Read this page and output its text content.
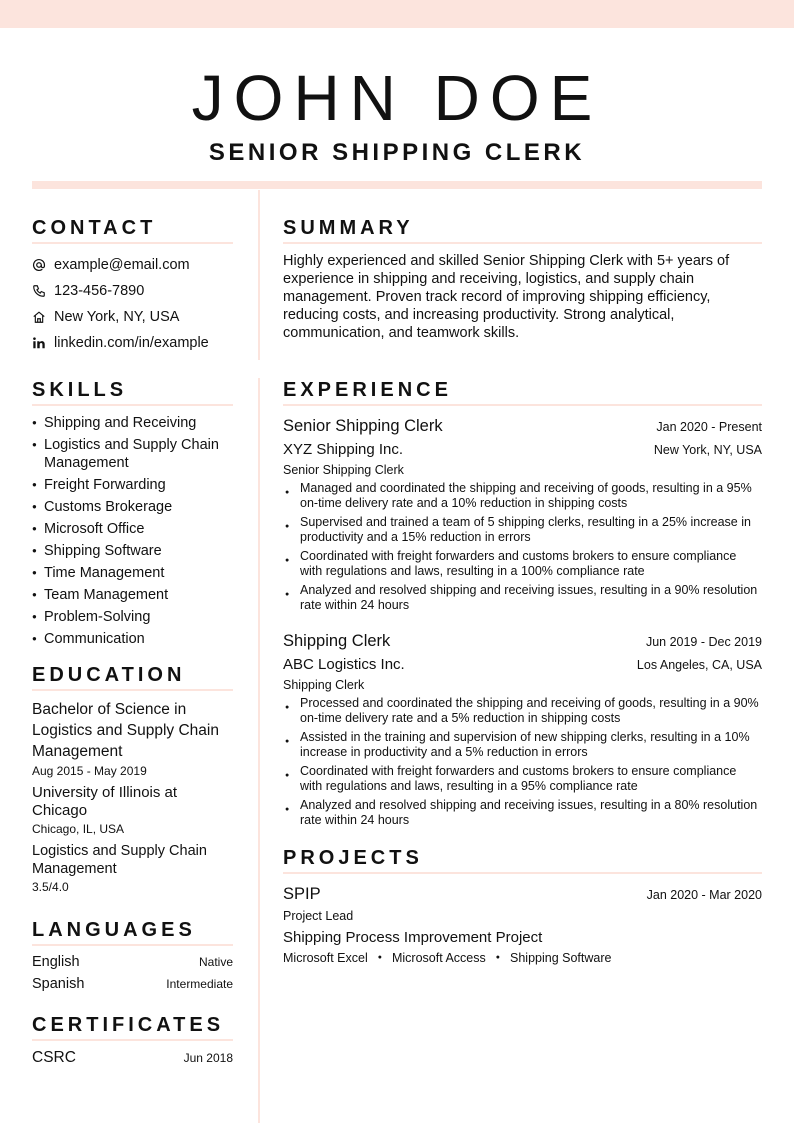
JOHN DOE
SENIOR SHIPPING CLERK
CONTACT
example@email.com
123-456-7890
New York, NY, USA
linkedin.com/in/example
SKILLS
● Shipping and Receiving
● Logistics and Supply Chain Management
● Freight Forwarding
● Customs Brokerage
● Microsoft Office
● Shipping Software
● Time Management
● Team Management
● Problem-Solving
● Communication
EDUCATION
Bachelor of Science in Logistics and Supply Chain Management
Aug 2015 - May 2019
University of Illinois at Chicago
Chicago, IL, USA
Logistics and Supply Chain Management
3.5/4.0
LANGUAGES
English	Native
Spanish	Intermediate
CERTIFICATES
CSRC	Jun 2018
SUMMARY
Highly experienced and skilled Senior Shipping Clerk with 5+ years of experience in shipping and receiving, logistics, and supply chain management. Proven track record of improving shipping efficiency, reducing costs, and increasing productivity. Strong analytical, communication, and teamwork skills.
EXPERIENCE
Senior Shipping Clerk	Jan 2020 - Present
XYZ Shipping Inc.	New York, NY, USA
Senior Shipping Clerk
● Managed and coordinated the shipping and receiving of goods, resulting in a 95% on-time delivery rate and a 10% reduction in shipping costs
● Supervised and trained a team of 5 shipping clerks, resulting in a 25% increase in productivity and a 15% reduction in errors
● Coordinated with freight forwarders and customs brokers to ensure compliance with regulations and laws, resulting in a 100% compliance rate
● Analyzed and resolved shipping and receiving issues, resulting in a 90% resolution rate within 24 hours
Shipping Clerk	Jun 2019 - Dec 2019
ABC Logistics Inc.	Los Angeles, CA, USA
Shipping Clerk
● Processed and coordinated the shipping and receiving of goods, resulting in a 90% on-time delivery rate and a 5% reduction in shipping costs
● Assisted in the training and supervision of new shipping clerks, resulting in a 10% increase in productivity and a 5% reduction in errors
● Coordinated with freight forwarders and customs brokers to ensure compliance with regulations and laws, resulting in a 95% compliance rate
● Analyzed and resolved shipping and receiving issues, resulting in a 80% resolution rate within 24 hours
PROJECTS
SPIP	Jan 2020 - Mar 2020
Project Lead
Shipping Process Improvement Project
Microsoft Excel ● Microsoft Access ● Shipping Software
